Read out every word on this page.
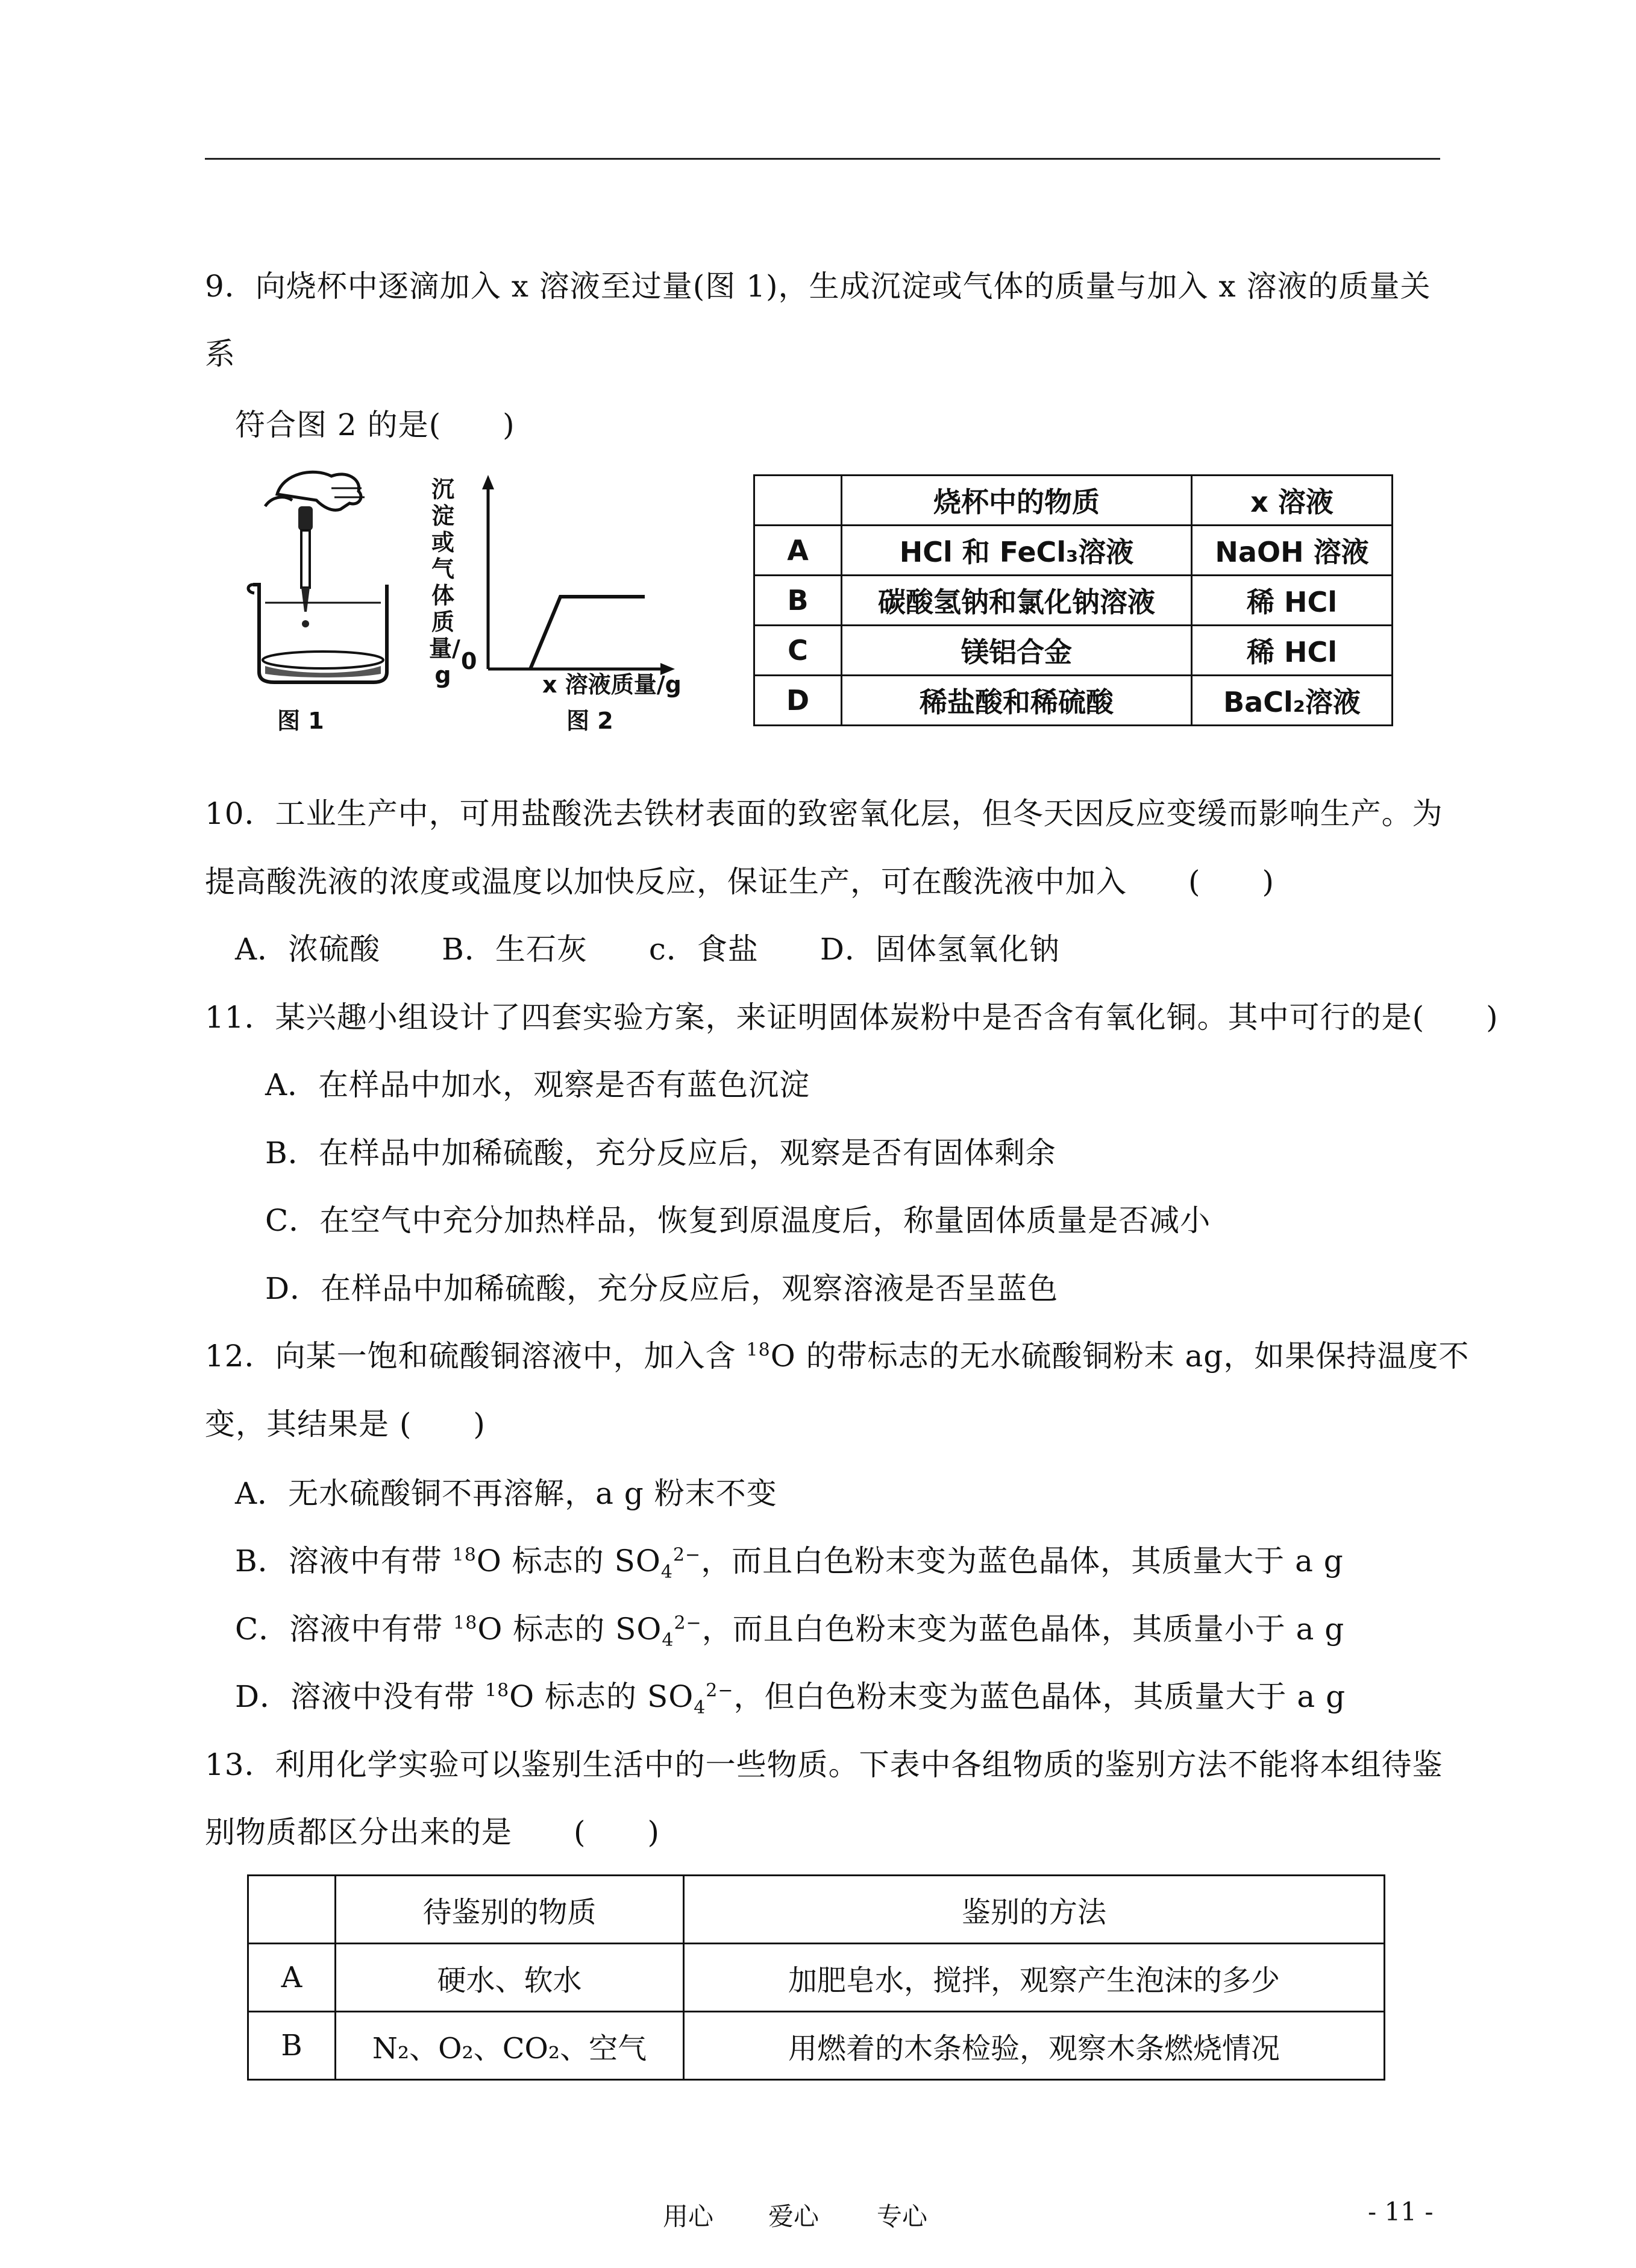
9．向烧杯中逐滴加入 x 溶液至过量(图 1)，生成沉淀或气体的质量与加入 x 溶液的质量关
系
符合图 2 的是(　　)
图 1
沉淀或气体质量/g
0
x 溶液质量/g
图 2
	烧杯中的物质	x 溶液
A	HCl 和 FeCl₃溶液	NaOH 溶液
B	碳酸氢钠和氯化钠溶液	稀 HCl
C	镁铝合金	稀 HCl
D	稀盐酸和稀硫酸	BaCl₂溶液
10．工业生产中，可用盐酸洗去铁材表面的致密氧化层，但冬天因反应变缓而影响生产。为
提高酸洗液的浓度或温度以加快反应，保证生产，可在酸洗液中加入　　(　　)
A．浓硫酸　　B．生石灰　　c．食盐　　D．固体氢氧化钠
11．某兴趣小组设计了四套实验方案，来证明固体炭粉中是否含有氧化铜。其中可行的是(　　)
A．在样品中加水，观察是否有蓝色沉淀
B．在样品中加稀硫酸，充分反应后，观察是否有固体剩余
C．在空气中充分加热样品，恢复到原温度后，称量固体质量是否减小
D．在样品中加稀硫酸，充分反应后，观察溶液是否呈蓝色
12．向某一饱和硫酸铜溶液中，加入含 $^{18}$O 的带标志的无水硫酸铜粉末 ag，如果保持温度不
变，其结果是 (　　)
A．无水硫酸铜不再溶解，a g 粉末不变
B．溶液中有带 $^{18}$O 标志的 $SO_4^{2-}$，而且白色粉末变为蓝色晶体，其质量大于 a g
C．溶液中有带 $^{18}$O 标志的 $SO_4^{2-}$，而且白色粉末变为蓝色晶体，其质量小于 a g
D．溶液中没有带 $^{18}$O 标志的 $SO_4^{2-}$，但白色粉末变为蓝色晶体，其质量大于 a g
13．利用化学实验可以鉴别生活中的一些物质。下表中各组物质的鉴别方法不能将本组待鉴
别物质都区分出来的是　　(　　)
	待鉴别的物质	鉴别的方法
A	硬水、软水	加肥皂水，搅拌，观察产生泡沫的多少
B	N₂、O₂、CO₂、空气	用燃着的木条检验，观察木条燃烧情况
用心 爱心 专心	- 11 -
